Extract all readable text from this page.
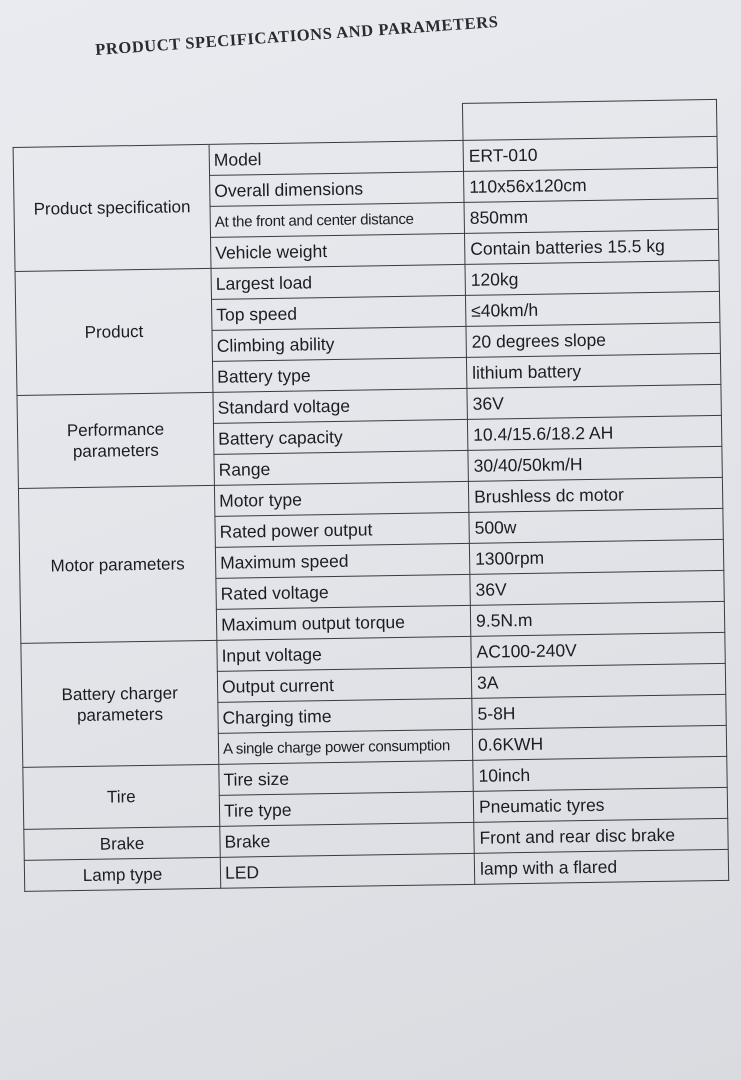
PRODUCT SPECIFICATIONS AND PARAMETERS

Product specification	Model	ERT-010
	Overall dimensions	110x56x120cm
	At the front and center distance	850mm
	Vehicle weight	Contain batteries 15.5 kg
Product	Largest load	120kg
	Top speed	≤40km/h
	Climbing ability	20 degrees slope
	Battery type	lithium battery
Performance parameters	Standard voltage	36V
	Battery capacity	10.4/15.6/18.2 AH
	Range	30/40/50km/H
Motor parameters	Motor type	Brushless dc motor
	Rated power output	500w
	Maximum speed	1300rpm
	Rated voltage	36V
	Maximum output torque	9.5N.m
Battery charger parameters	Input voltage	AC100-240V
	Output current	3A
	Charging time	5-8H
	A single charge power consumption	0.6KWH
Tire	Tire size	10inch
	Tire type	Pneumatic tyres
Brake	Brake	Front and rear disc brake
Lamp type	LED	lamp with a flared
